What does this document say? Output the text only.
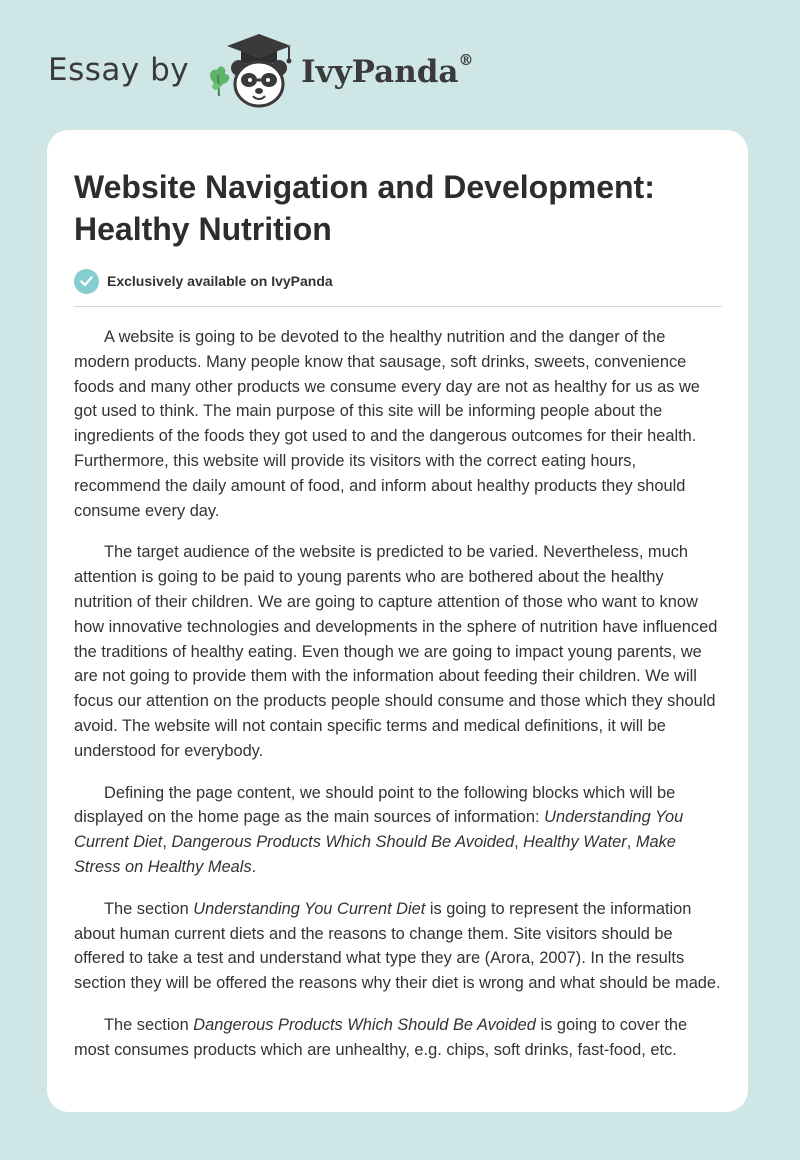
Essay by	IvyPanda®
Website Navigation and Development: Healthy Nutrition
Exclusively available on IvyPanda

A website is going to be devoted to the healthy nutrition and the danger of the modern products. Many people know that sausage, soft drinks, sweets, convenience foods and many other products we consume every day are not as healthy for us as we got used to think. The main purpose of this site will be informing people about the ingredients of the foods they got used to and the dangerous outcomes for their health. Furthermore, this website will provide its visitors with the correct eating hours, recommend the daily amount of food, and inform about healthy products they should consume every day.

The target audience of the website is predicted to be varied. Nevertheless, much attention is going to be paid to young parents who are bothered about the healthy nutrition of their children. We are going to capture attention of those who want to know how innovative technologies and developments in the sphere of nutrition have influenced the traditions of healthy eating. Even though we are going to impact young parents, we are not going to provide them with the information about feeding their children. We will focus our attention on the products people should consume and those which they should avoid. The website will not contain specific terms and medical definitions, it will be understood for everybody.

Defining the page content, we should point to the following blocks which will be displayed on the home page as the main sources of information: Understanding You Current Diet, Dangerous Products Which Should Be Avoided, Healthy Water, Make Stress on Healthy Meals.

The section Understanding You Current Diet is going to represent the information about human current diets and the reasons to change them. Site visitors should be offered to take a test and understand what type they are (Arora, 2007). In the results section they will be offered the reasons why their diet is wrong and what should be made.

The section Dangerous Products Which Should Be Avoided is going to cover the most consumes products which are unhealthy, e.g. chips, soft drinks, fast-food, etc.
